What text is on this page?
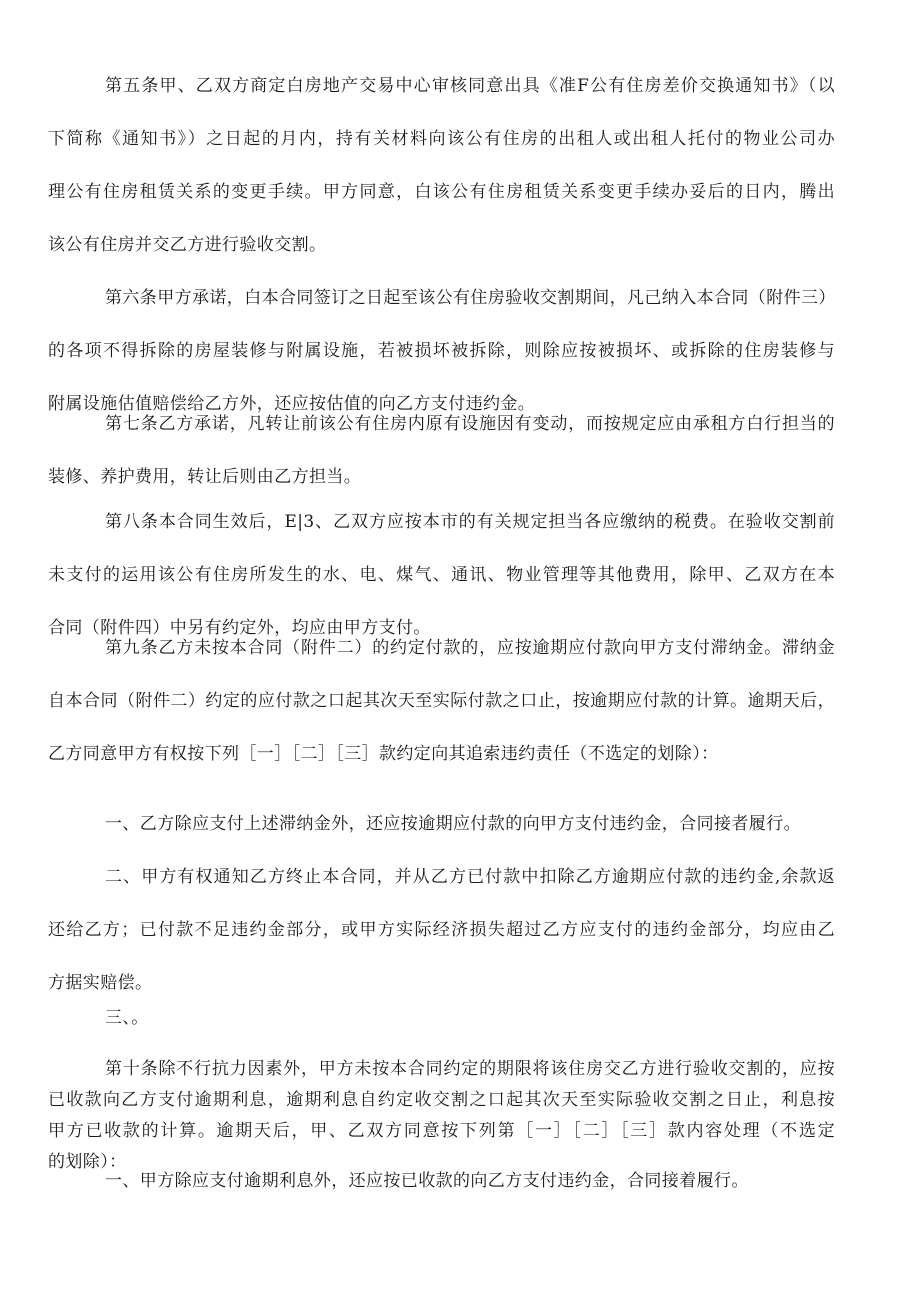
第五条甲、乙双方商定白房地产交易中心审核同意出具《准F公有住房差价交换通知书》（以
下简称《通知书》）之日起的月内，持有关材料向该公有住房的出租人或出租人托付的物业公司办
理公有住房租赁关系的变更手续。甲方同意，白该公有住房租赁关系变更手续办妥后的日内，腾出
该公有住房并交乙方进行验收交割。
第六条甲方承诺，白本合同签订之日起至该公有住房验收交割期间，凡己纳入本合同（附件三）
的各项不得拆除的房屋装修与附属设施，若被损坏被拆除，则除应按被损坏、或拆除的住房装修与
附属设施估值赔偿给乙方外，还应按估值的向乙方支付违约金。
第七条乙方承诺，凡转让前该公有住房内原有设施因有变动，而按规定应由承租方白行担当的
装修、养护费用，转让后则由乙方担当。
第八条本合同生效后，E|3、乙双方应按本市的有关规定担当各应缴纳的税费。在验收交割前
未支付的运用该公有住房所发生的水、电、煤气、通讯、物业管理等其他费用，除甲、乙双方在本
合同（附件四）中另有约定外，均应由甲方支付。
第九条乙方未按本合同（附件二）的约定付款的，应按逾期应付款向甲方支付滞纳金。滞纳金
自本合同（附件二）约定的应付款之口起其次天至实际付款之口止，按逾期应付款的计算。逾期天后，
乙方同意甲方有权按下列［一］［二］［三］款约定向其追索违约责任（不选定的划除）：
一、乙方除应支付上述滞纳金外，还应按逾期应付款的向甲方支付违约金，合同接者履行。
二、甲方有权通知乙方终止本合同，并从乙方已付款中扣除乙方逾期应付款的违约金,余款返
还给乙方；已付款不足违约金部分，或甲方实际经济损失超过乙方应支付的违约金部分，均应由乙
方据实赔偿。
三、。
第十条除不行抗力因素外，甲方未按本合同约定的期限将该住房交乙方进行验收交割的，应按
已收款向乙方支付逾期利息，逾期利息自约定收交割之口起其次天至实际验收交割之日止，利息按
甲方已收款的计算。逾期天后，甲、乙双方同意按下列第［一］［二］［三］款内容处理（不选定
的划除）：
一、甲方除应支付逾期利息外，还应按已收款的向乙方支付违约金，合同接着履行。
